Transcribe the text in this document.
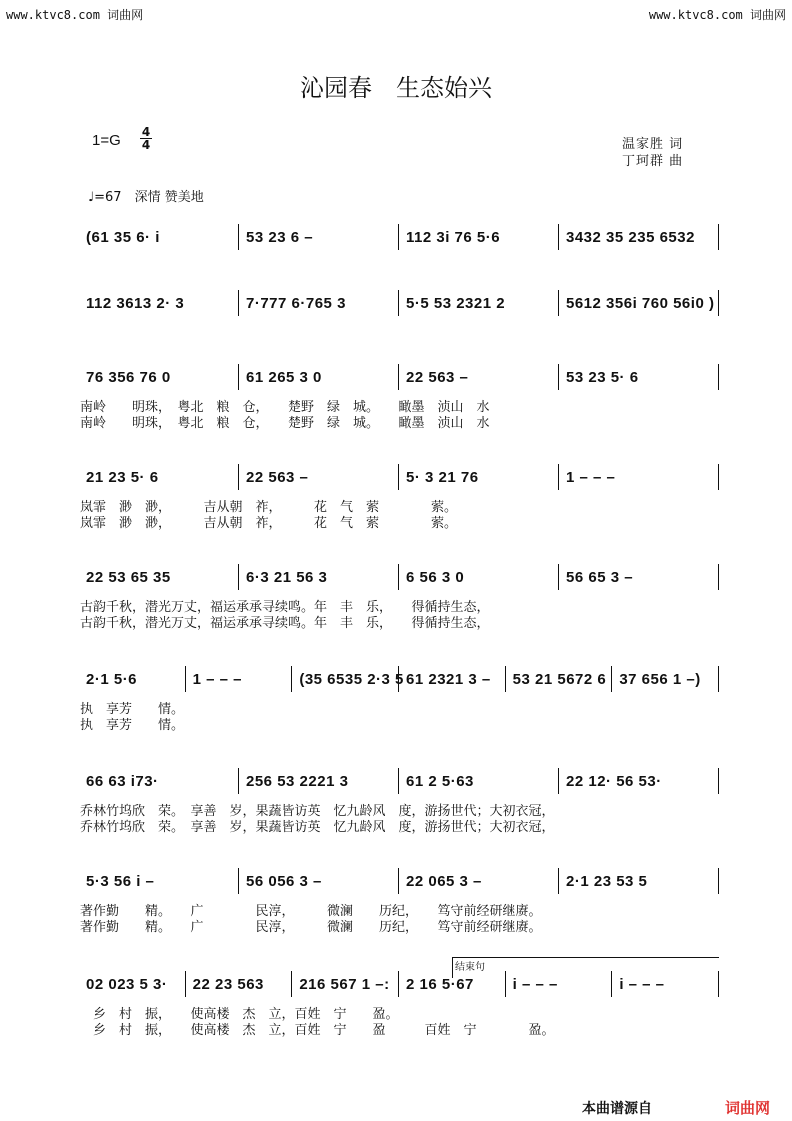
www.ktvc8.com 词曲网	www.ktvc8.com 词曲网
沁园春　生态始兴
1=G 4
4	温家胜 词
丁珂群 曲
♩=67　深情 赞美地
(61 35 6· i	53 23 6 –	112 3i 76 5·6	3432 35 235 6532
112 3613 2· 3	7·777 6·765 3	5·5 53 2321 2	5612 356i 760 56i0 )
76 356 76 0	61 265 3 0	22 563 –	53 23 5· 6
南岭　　明珠，　粤北　粮　仓，　　楚野　绿　城。　　瞰墨　浈山　水
南岭　　明珠，　粤北　粮　仓，　　楚野　绿　城。　　瞰墨　浈山　水
21 23 5· 6	22 563 –	5· 3 21 76	1 – – –
岚霏　渺　渺，　　　吉从朝　祚，　　　花　气　萦　　　　萦。
岚霏　渺　渺，　　　吉从朝　祚，　　　花　气　萦　　　　萦。
22 53 65 35	6·3 21 56 3	6 56 3 0	56 65 3 –
古韵千秋，潜光万丈，福运承承寻续鸣。年　丰　乐，　　得循持生态，
古韵千秋，潜光万丈，福运承承寻续鸣。年　丰　乐，　　得循持生态，
2·1 5·6	1 – – –	(35 6535 2·3 5 61 2321 3 –	53 21 5672 6 37 656 1 –)
执　享芳　　情。
执　享芳　　情。
66 63 i73·	256 53 2221 3	61 2 5·63	22 12· 56 53·
乔林竹坞欣　荣。　享善　岁，果蔬皆访英　忆九龄风　度，游扬世代；大初衣冠，
乔林竹坞欣　荣。　享善　岁，果蔬皆访英　忆九龄风　度，游扬世代；大初衣冠，
5·3 56 i –	56 056 3 –	22 065 3 –	2·1 23 53 5
著作勤　　精。　　广　　　　民淳，　　　微澜　　历纪，　　笃守前经研继赓。
著作勤　　精。　　广　　　　民淳，　　　微澜　　历纪，　　笃守前经研继赓。
02 023 5 3·	22 23 563	216 567 1 –: 2 16 5·67	i – – –	i – – –
　乡　村　振，　　使高楼　杰　立，百姓　宁　　盈。
　乡　村　振，　　使高楼　杰　立，百姓　宁　　盈　　　百姓　宁　　　　盈。
结束句
本曲谱源自	词曲网
